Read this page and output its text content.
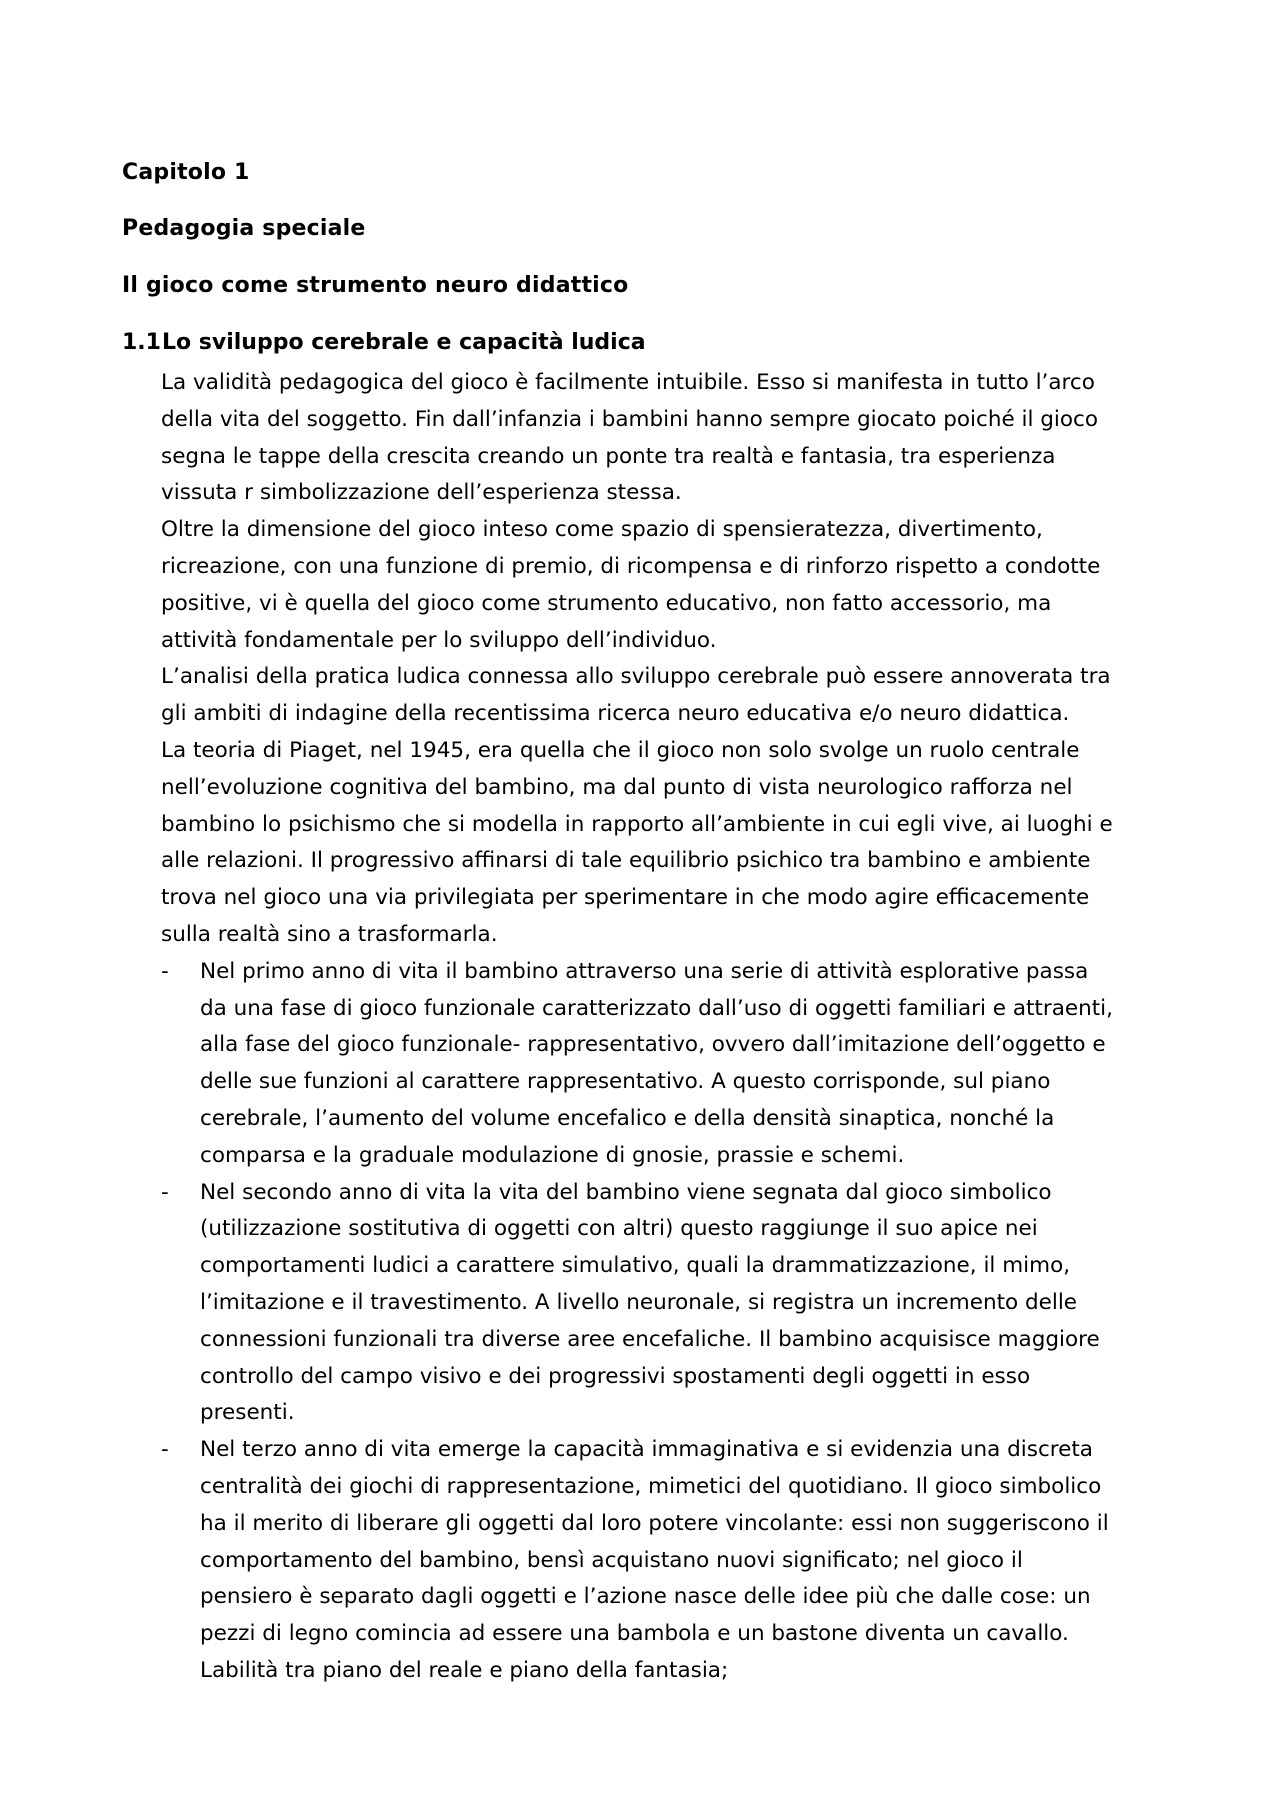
Capitolo 1
Pedagogia speciale
Il gioco come strumento neuro didattico
1.1Lo sviluppo cerebrale e capacità ludica
La validità pedagogica del gioco è facilmente intuibile. Esso si manifesta in tutto l’arco
della vita del soggetto. Fin dall’infanzia i bambini hanno sempre giocato poiché il gioco
segna le tappe della crescita creando un ponte tra realtà e fantasia, tra esperienza
vissuta r simbolizzazione dell’esperienza stessa.
Oltre la dimensione del gioco inteso come spazio di spensieratezza, divertimento,
ricreazione, con una funzione di premio, di ricompensa e di rinforzo rispetto a condotte
positive, vi è quella del gioco come strumento educativo, non fatto accessorio, ma
attività fondamentale per lo sviluppo dell’individuo.
L’analisi della pratica ludica connessa allo sviluppo cerebrale può essere annoverata tra
gli ambiti di indagine della recentissima ricerca neuro educativa e/o neuro didattica.
La teoria di Piaget, nel 1945, era quella che il gioco non solo svolge un ruolo centrale
nell’evoluzione cognitiva del bambino, ma dal punto di vista neurologico rafforza nel
bambino lo psichismo che si modella in rapporto all’ambiente in cui egli vive, ai luoghi e
alle relazioni. Il progressivo affinarsi di tale equilibrio psichico tra bambino e ambiente
trova nel gioco una via privilegiata per sperimentare in che modo agire efficacemente
sulla realtà sino a trasformarla.
- Nel primo anno di vita il bambino attraverso una serie di attività esplorative passa
da una fase di gioco funzionale caratterizzato dall’uso di oggetti familiari e attraenti,
alla fase del gioco funzionale- rappresentativo, ovvero dall’imitazione dell’oggetto e
delle sue funzioni al carattere rappresentativo. A questo corrisponde, sul piano
cerebrale, l’aumento del volume encefalico e della densità sinaptica, nonché la
comparsa e la graduale modulazione di gnosie, prassie e schemi.
- Nel secondo anno di vita la vita del bambino viene segnata dal gioco simbolico
(utilizzazione sostitutiva di oggetti con altri) questo raggiunge il suo apice nei
comportamenti ludici a carattere simulativo, quali la drammatizzazione, il mimo,
l’imitazione e il travestimento. A livello neuronale, si registra un incremento delle
connessioni funzionali tra diverse aree encefaliche. Il bambino acquisisce maggiore
controllo del campo visivo e dei progressivi spostamenti degli oggetti in esso
presenti.
- Nel terzo anno di vita emerge la capacità immaginativa e si evidenzia una discreta
centralità dei giochi di rappresentazione, mimetici del quotidiano. Il gioco simbolico
ha il merito di liberare gli oggetti dal loro potere vincolante: essi non suggeriscono il
comportamento del bambino, bensì acquistano nuovi significato; nel gioco il
pensiero è separato dagli oggetti e l’azione nasce delle idee più che dalle cose: un
pezzi di legno comincia ad essere una bambola e un bastone diventa un cavallo.
Labilità tra piano del reale e piano della fantasia;
